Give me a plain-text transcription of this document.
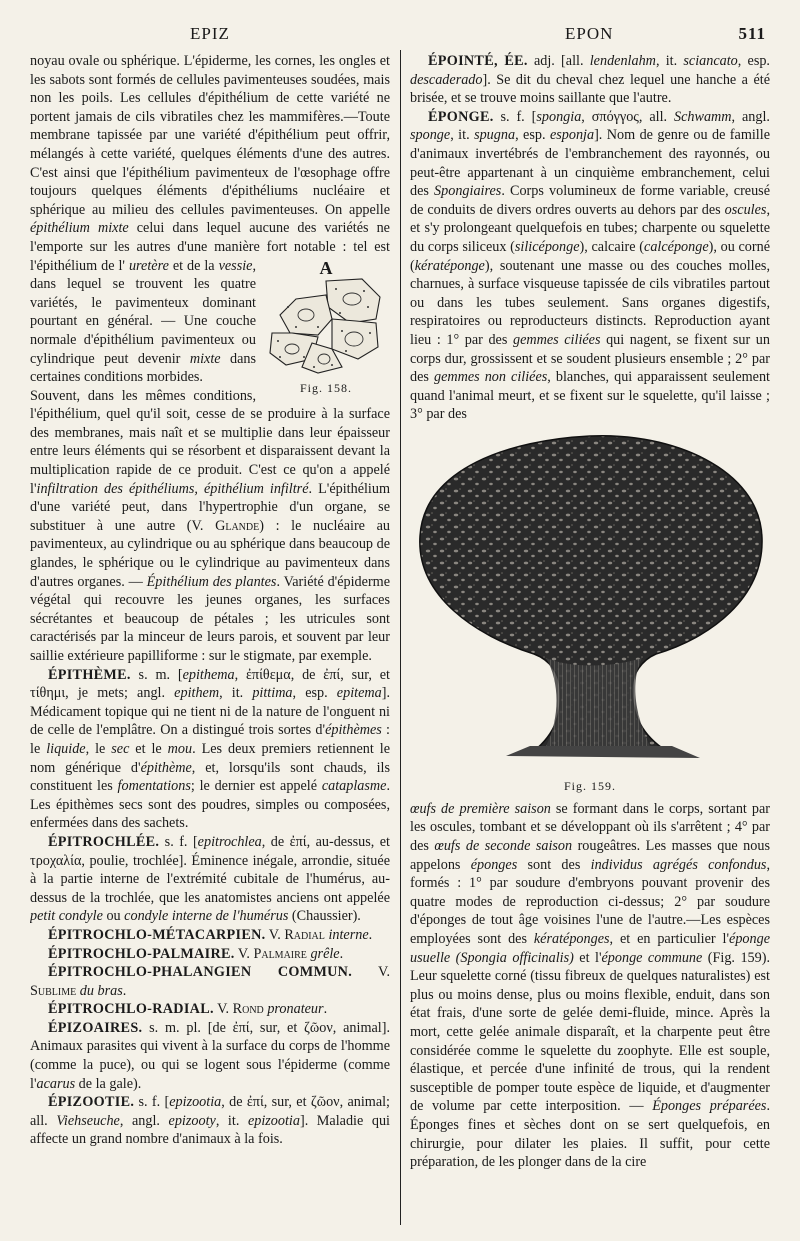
EPIZ	EPON	511

noyau ovale ou sphérique. L'épiderme, les cornes, les ongles et les sabots sont formés de cellules pavimenteuses soudées, mais non les poils. Les cellules d'épithélium de cette variété ne portent jamais de cils vibratiles chez les mammifères.—Toute membrane tapissée par une variété d'épithélium peut offrir, mélangés à cette variété, quelques éléments d'une des autres. C'est ainsi que l'épithélium pavimenteux de l'œsophage offre toujours quelques éléments d'épithéliums nucléaire et sphérique au milieu des cellules pavimenteuses. On appelle épithélium mixte celui dans lequel aucune des variétés ne l'emporte sur les autres d'une manière fort notable : tel est l'épithélium de l'	A
Fig. 158.
uretère et de la vessie, dans lequel se trouvent les quatre variétés, le pavimenteux dominant pourtant en général. — Une couche normale d'épithélium pavimenteux ou cylindrique peut devenir mixte dans certaines conditions morbides.

Souvent, dans les mêmes conditions, l'épithélium, quel qu'il soit, cesse de se produire à la surface des membranes, mais naît et se multiplie dans leur épaisseur entre leurs éléments qui se résorbent et disparaissent devant la multiplication rapide de ce produit. C'est ce qu'on a appelé l'infiltration des épithéliums, épithélium infiltré. L'épithélium d'une variété peut, dans l'hypertrophie d'un organe, se substituer à une autre (V. Glande) : le nucléaire au pavimenteux, au cylindrique ou au sphérique dans beaucoup de glandes, le sphérique ou le cylindrique au pavimenteux dans d'autres organes. — Épithélium des plantes. Variété d'épiderme végétal qui recouvre les jeunes organes, les surfaces sécrétantes et beaucoup de pétales ; les utricules sont caractérisés par la minceur de leurs parois, et souvent par leur saillie extérieure papilliforme : sur le stigmate, par exemple.

ÉPITHÈME. s. m. [epithema, ἐπίθεμα, de ἐπί, sur, et τίθημι, je mets; angl. epithem, it. pittima, esp. epitema]. Médicament topique qui ne tient ni de la nature de l'onguent ni de celle de l'emplâtre. On a distingué trois sortes d'épithèmes : le liquide, le sec et le mou. Les deux premiers retiennent le nom générique d'épithème, et, lorsqu'ils sont chauds, ils constituent les fomentations; le dernier est appelé cataplasme. Les épithèmes secs sont des poudres, simples ou composées, enfermées dans des sachets.

ÉPITROCHLÉE. s. f. [epitrochlea, de ἐπί, au-dessus, et τροχαλία, poulie, trochlée]. Éminence inégale, arrondie, située à la partie interne de l'extrémité cubitale de l'humérus, au-dessus de la trochlée, que les anatomistes anciens ont appelée petit condyle ou condyle interne de l'humérus (Chaussier).

ÉPITROCHLO-MÉTACARPIEN. V. Radial interne.

ÉPITROCHLO-PALMAIRE. V. Palmaire grêle.

ÉPITROCHLO-PHALANGIEN COMMUN. V. Sublime du bras.

ÉPITROCHLO-RADIAL. V. Rond pronateur.

ÉPIZOAIRES. s. m. pl. [de ἐπί, sur, et ζῶον, animal]. Animaux parasites qui vivent à la surface du corps de l'homme (comme la puce), ou qui se logent sous l'épiderme (comme l'acarus de la gale).

ÉPIZOOTIE. s. f. [epizootia, de ἐπί, sur, et ζῶον, animal; all. Viehseuche, angl. epizooty, it. epizootia]. Maladie qui affecte un grand nombre d'animaux à la fois.

ÉPOINTÉ, ÉE. adj. [all. lendenlahm, it. sciancato, esp. descaderado]. Se dit du cheval chez lequel une hanche a été brisée, et se trouve moins saillante que l'autre.

ÉPONGE. s. f. [spongia, σπόγγος, all. Schwamm, angl. sponge, it. spugna, esp. esponja]. Nom de genre ou de famille d'animaux invertébrés de l'embranchement des rayonnés, ou peut-être appartenant à un cinquième embranchement, celui des Spongiaires. Corps volumineux de forme variable, creusé de conduits de divers ordres ouverts au dehors par des oscules, et s'y prolongeant quelquefois en tubes; charpente ou squelette du corps siliceux (silicéponge), calcaire (calcéponge), ou corné (kératéponge), soutenant une masse ou des couches molles, charnues, à surface visqueuse tapissée de cils vibratiles partout ou dans les tubes seulement. Sans organes digestifs, respiratoires ou reproducteurs distincts. Reproduction ayant lieu : 1° par des gemmes ciliées qui nagent, se fixent sur un corps dur, grossissent et se soudent plusieurs ensemble ; 2° par des gemmes non ciliées, blanches, qui apparaissent seulement quand l'animal meurt, et se fixent sur le squelette, qu'il laisse ; 3° par des

Fig. 159.

œufs de première saison se formant dans le corps, sortant par les oscules, tombant et se développant où ils s'arrêtent ; 4° par des œufs de seconde saison rougeâtres. Les masses que nous appelons éponges sont des individus agrégés confondus, formés : 1° par soudure d'embryons pouvant provenir des quatre modes de reproduction ci-dessus; 2° par soudure d'éponges de tout âge voisines l'une de l'autre.—Les espèces employées sont des kératéponges, et en particulier l'éponge usuelle (Spongia officinalis) et l'éponge commune (Fig. 159). Leur squelette corné (tissu fibreux de quelques naturalistes) est plus ou moins dense, plus ou moins flexible, enduit, dans son état frais, d'une sorte de gelée demi-fluide, mince. Après la mort, cette gelée animale disparaît, et la charpente peut être considérée comme le squelette du zoophyte. Elle est souple, élastique, et percée d'une infinité de trous, qui la rendent susceptible de pomper toute espèce de liquide, et d'augmenter de volume par cette interposition. — Éponges préparées. Éponges fines et sèches dont on se sert quelquefois, en chirurgie, pour dilater les plaies. Il suffit, pour cette préparation, de les plonger dans de la cire
